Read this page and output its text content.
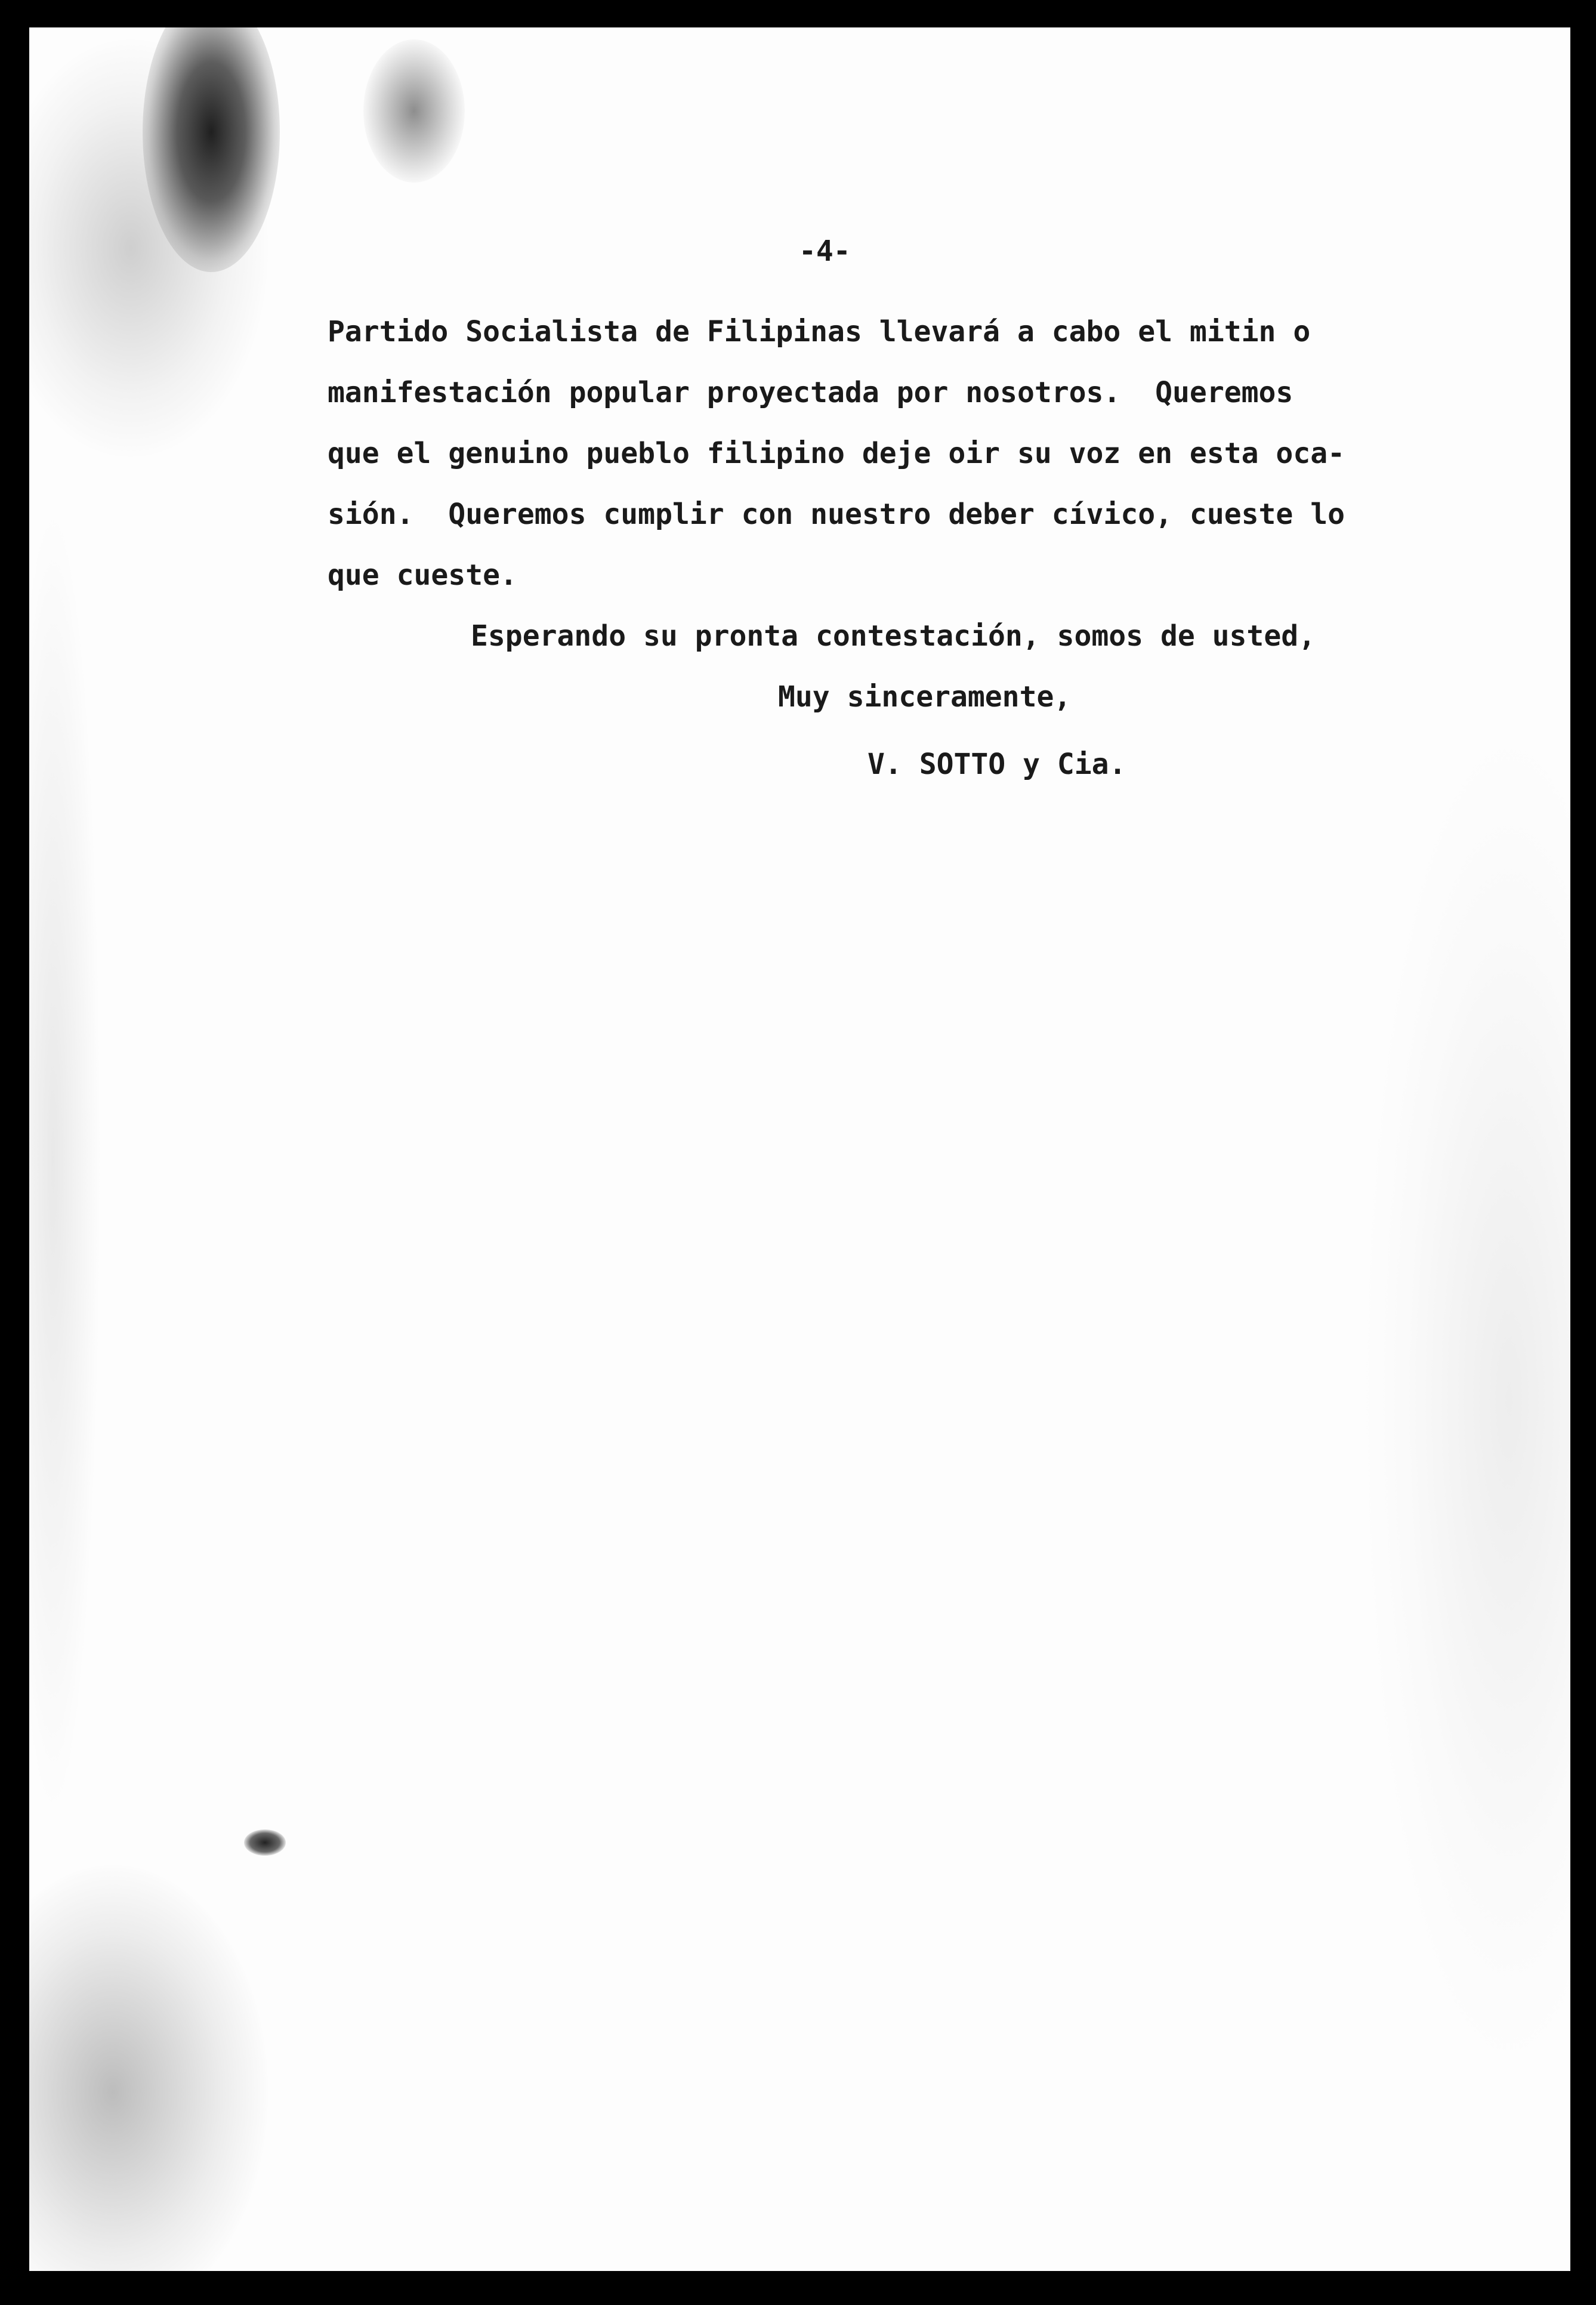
-4-

Partido Socialista de Filipinas llevará a cabo el mitin o

manifestación popular proyectada por nosotros.  Queremos

que el genuino pueblo filipino deje oir su voz en esta oca-

sión.  Queremos cumplir con nuestro deber cívico, cueste lo

que cueste.

Esperando su pronta contestación, somos de usted,

Muy sinceramente,

V. SOTTO y Cia.
